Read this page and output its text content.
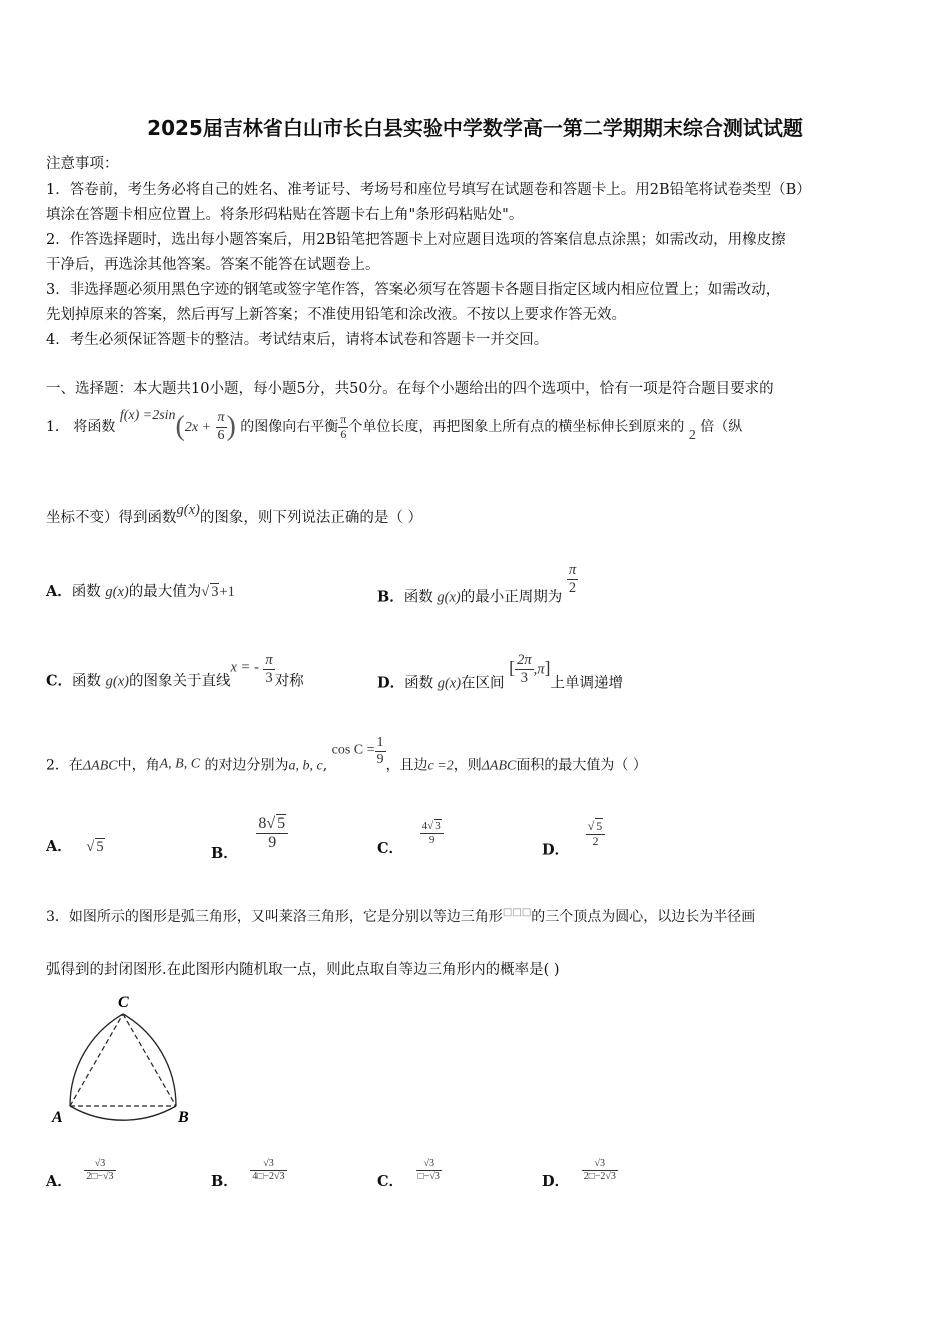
2025届吉林省白山市长白县实验中学数学高一第二学期期末综合测试试题
注意事项：
1．答卷前，考生务必将自己的姓名、准考证号、考场号和座位号填写在试题卷和答题卡上。用2B铅笔将试卷类型（B）
填涂在答题卡相应位置上。将条形码粘贴在答题卡右上角"条形码粘贴处"。
2．作答选择题时，选出每小题答案后，用2B铅笔把答题卡上对应题目选项的答案信息点涂黑；如需改动，用橡皮擦
干净后，再选涂其他答案。答案不能答在试题卷上。
3．非选择题必须用黑色字迹的钢笔或签字笔作答，答案必须写在答题卡各题目指定区域内相应位置上；如需改动，
先划掉原来的答案，然后再写上新答案；不准使用铅笔和涂改液。不按以上要求作答无效。
4．考生必须保证答题卡的整洁。考试结束后，请将本试卷和答题卡一并交回。
一、选择题：本大题共10小题，每小题5分，共50分。在每个小题给出的四个选项中，恰有一项是符合题目要求的
1． 将函数 $f(x) =2\sin(2x + \frac{\pi}{6}$ ) 的图像向右平衡 $\frac{\pi}{6}$ 个单位长度，再把图象上所有点的横坐标伸长到原来的 2 倍（纵
坐标不变）得到函数g(x)的图象，则下列说法正确的是（ ）
A．函数 g(x)的最大值为√ 3+1	B．函数 g(x)的最小正周期为
$\frac{\pi}{2}$
C．函数 g(x)的图象关于直线x = - $\frac{\pi}{3}$ 对称	D．函数 g(x)在区间 [ $\frac{2\pi}{3} ,\pi$]上单调递增
2．在ΔABC中，角A, B, C 的对边分别为a, b, c, $\cos C = \frac{1}{9}$ ，且边c =2，则ΔABC面积的最大值为（ ）
A． √ 5	B．
$\frac{8√ 5}{9}$	C．
$\frac{4√ 3}{9}$
D．
$\frac{√ 5}{2}$
3．如图所示的图形是弧三角形，又叫莱洛三角形，它是分别以等边三角形□□□的三个顶点为圆心，以边长为半径画
弧得到的封闭图形.在此图形内随机取一点，则此点取自等边三角形内的概率是( )
C
A	B
A． $\frac{√3}{2□-√3}$	B． $\frac{√3}{4□-2√3}$	C． $\frac{√3}{□-√3}$	D． $\frac{√3}{2□-2√3}$
